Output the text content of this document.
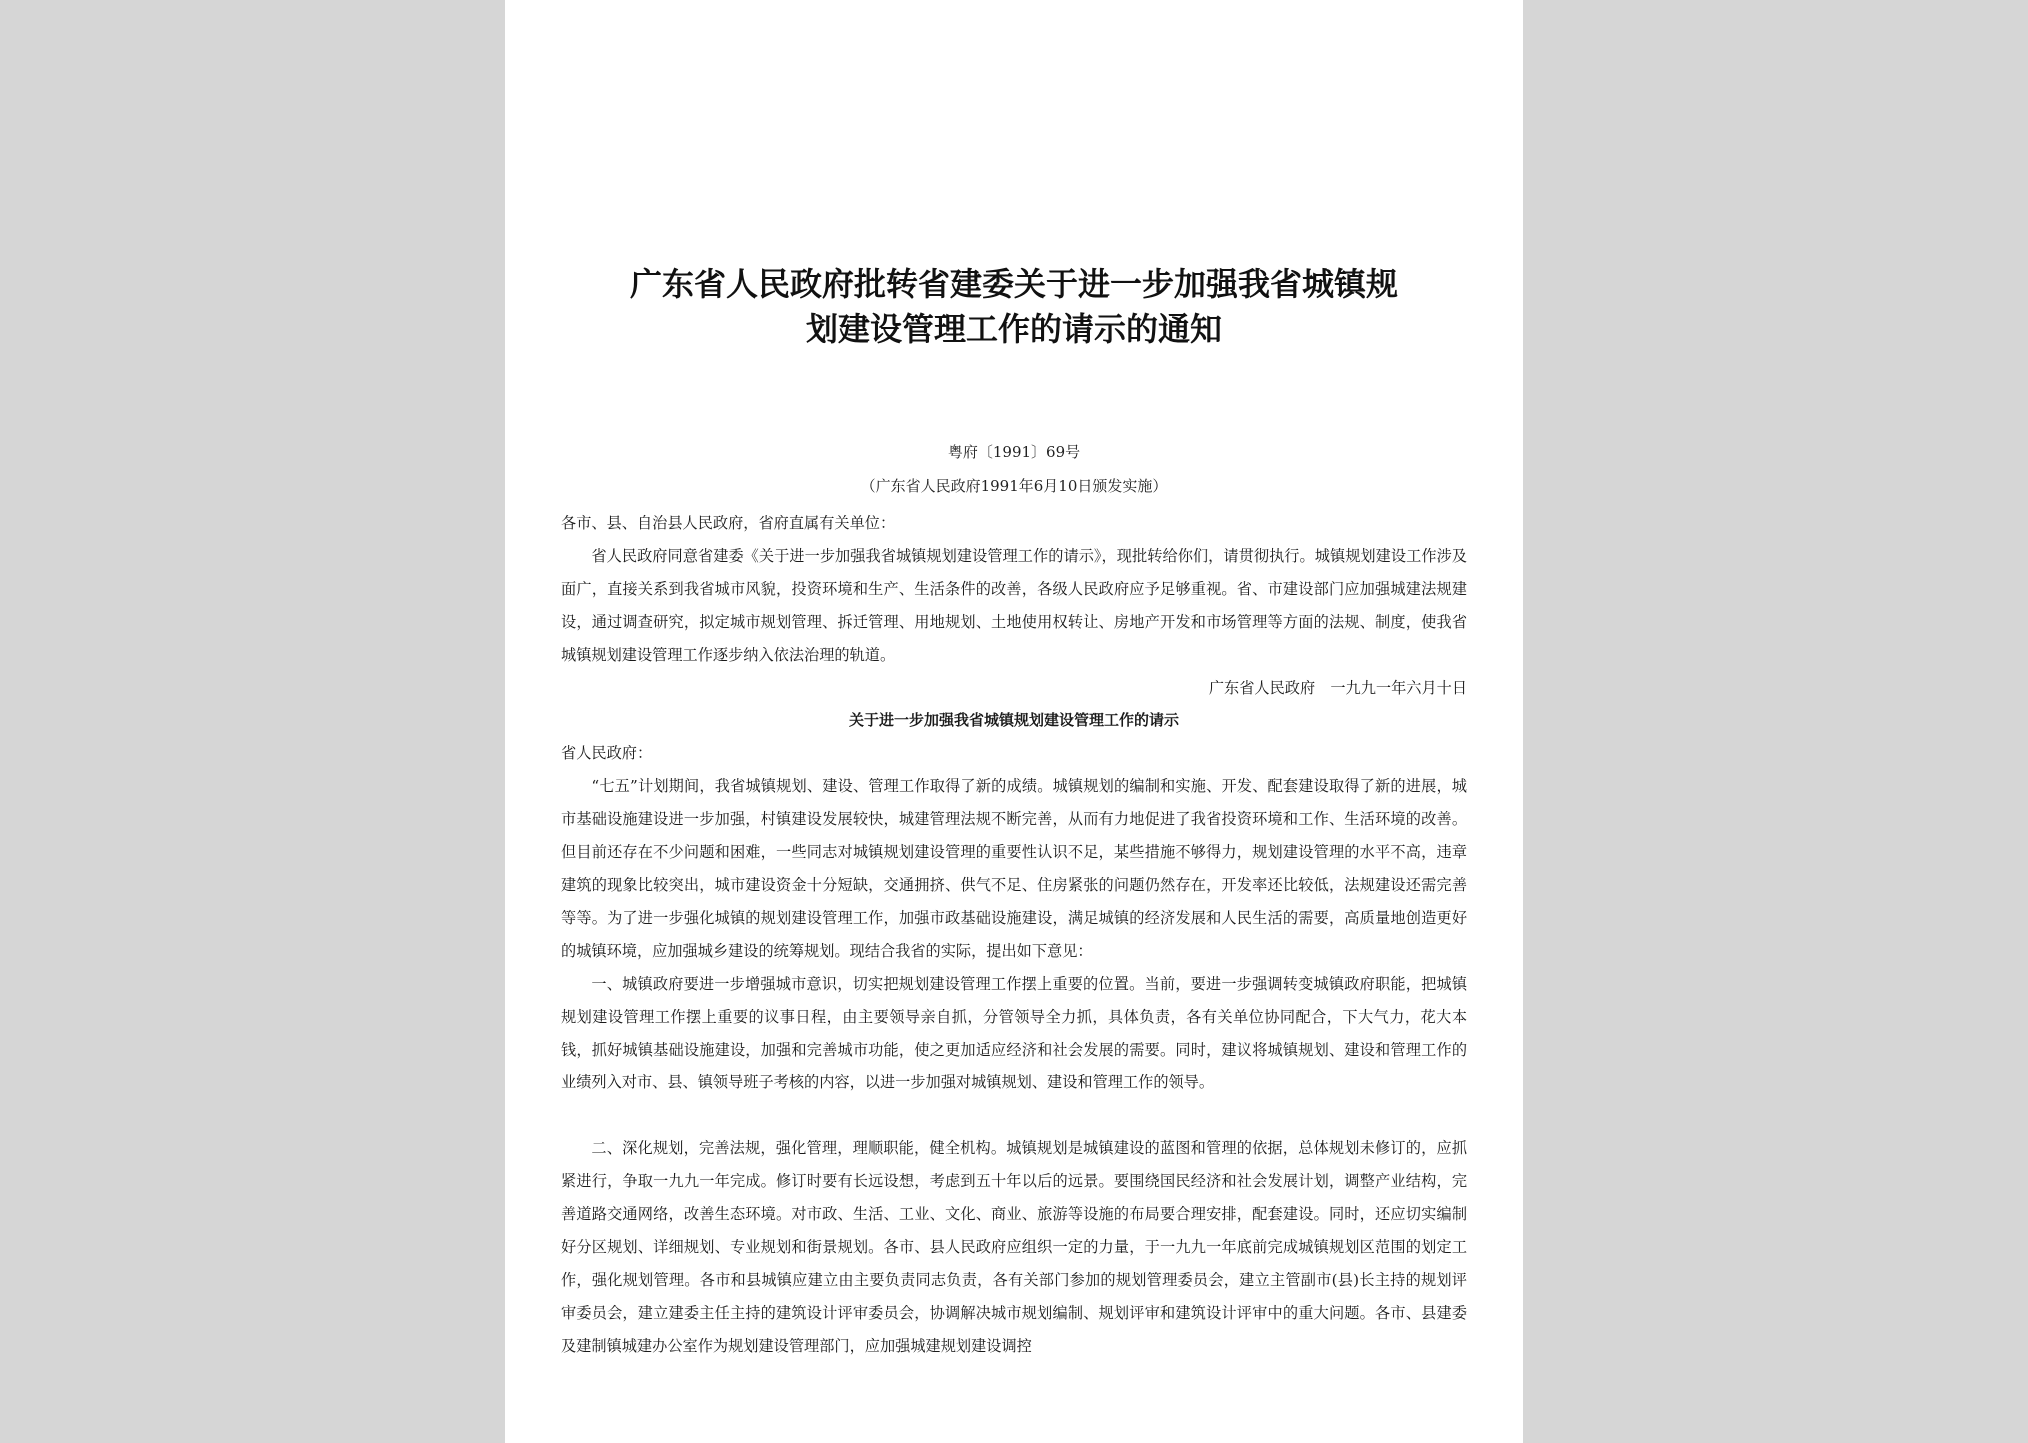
广东省人民政府批转省建委关于进一步加强我省城镇规
划建设管理工作的请示的通知
粤府〔1991〕69号
（广东省人民政府1991年6月10日颁发实施）

各市、县、自治县人民政府，省府直属有关单位：

省人民政府同意省建委《关于进一步加强我省城镇规划建设管理工作的请示》，现批转给你们，请贯彻执行。城镇规划建设工作涉及面广，直接关系到我省城市风貌，投资环境和生产、生活条件的改善，各级人民政府应予足够重视。省、市建设部门应加强城建法规建设，通过调查研究，拟定城市规划管理、拆迁管理、用地规划、土地使用权转让、房地产开发和市场管理等方面的法规、制度，使我省城镇规划建设管理工作逐步纳入依法治理的轨道。

广东省人民政府　一九九一年六月十日

关于进一步加强我省城镇规划建设管理工作的请示

省人民政府：

“七五”计划期间，我省城镇规划、建设、管理工作取得了新的成绩。城镇规划的编制和实施、开发、配套建设取得了新的进展，城市基础设施建设进一步加强，村镇建设发展较快，城建管理法规不断完善，从而有力地促进了我省投资环境和工作、生活环境的改善。但目前还存在不少问题和困难，一些同志对城镇规划建设管理的重要性认识不足，某些措施不够得力，规划建设管理的水平不高，违章建筑的现象比较突出，城市建设资金十分短缺，交通拥挤、供气不足、住房紧张的问题仍然存在，开发率还比较低，法规建设还需完善等等。为了进一步强化城镇的规划建设管理工作，加强市政基础设施建设，满足城镇的经济发展和人民生活的需要，高质量地创造更好的城镇环境，应加强城乡建设的统筹规划。现结合我省的实际，提出如下意见：

一、城镇政府要进一步增强城市意识，切实把规划建设管理工作摆上重要的位置。当前，要进一步强调转变城镇政府职能，把城镇规划建设管理工作摆上重要的议事日程，由主要领导亲自抓，分管领导全力抓，具体负责，各有关单位协同配合，下大气力，花大本钱，抓好城镇基础设施建设，加强和完善城市功能，使之更加适应经济和社会发展的需要。同时，建议将城镇规划、建设和管理工作的业绩列入对市、县、镇领导班子考核的内容，以进一步加强对城镇规划、建设和管理工作的领导。

二、深化规划，完善法规，强化管理，理顺职能，健全机构。城镇规划是城镇建设的蓝图和管理的依据，总体规划未修订的，应抓紧进行，争取一九九一年完成。修订时要有长远设想，考虑到五十年以后的远景。要围绕国民经济和社会发展计划，调整产业结构，完善道路交通网络，改善生态环境。对市政、生活、工业、文化、商业、旅游等设施的布局要合理安排，配套建设。同时，还应切实编制好分区规划、详细规划、专业规划和街景规划。各市、县人民政府应组织一定的力量，于一九九一年底前完成城镇规划区范围的划定工作，强化规划管理。各市和县城镇应建立由主要负责同志负责，各有关部门参加的规划管理委员会，建立主管副市(县)长主持的规划评审委员会，建立建委主任主持的建筑设计评审委员会，协调解决城市规划编制、规划评审和建筑设计评审中的重大问题。各市、县建委及建制镇城建办公室作为规划建设管理部门，应加强城建规划建设调控
